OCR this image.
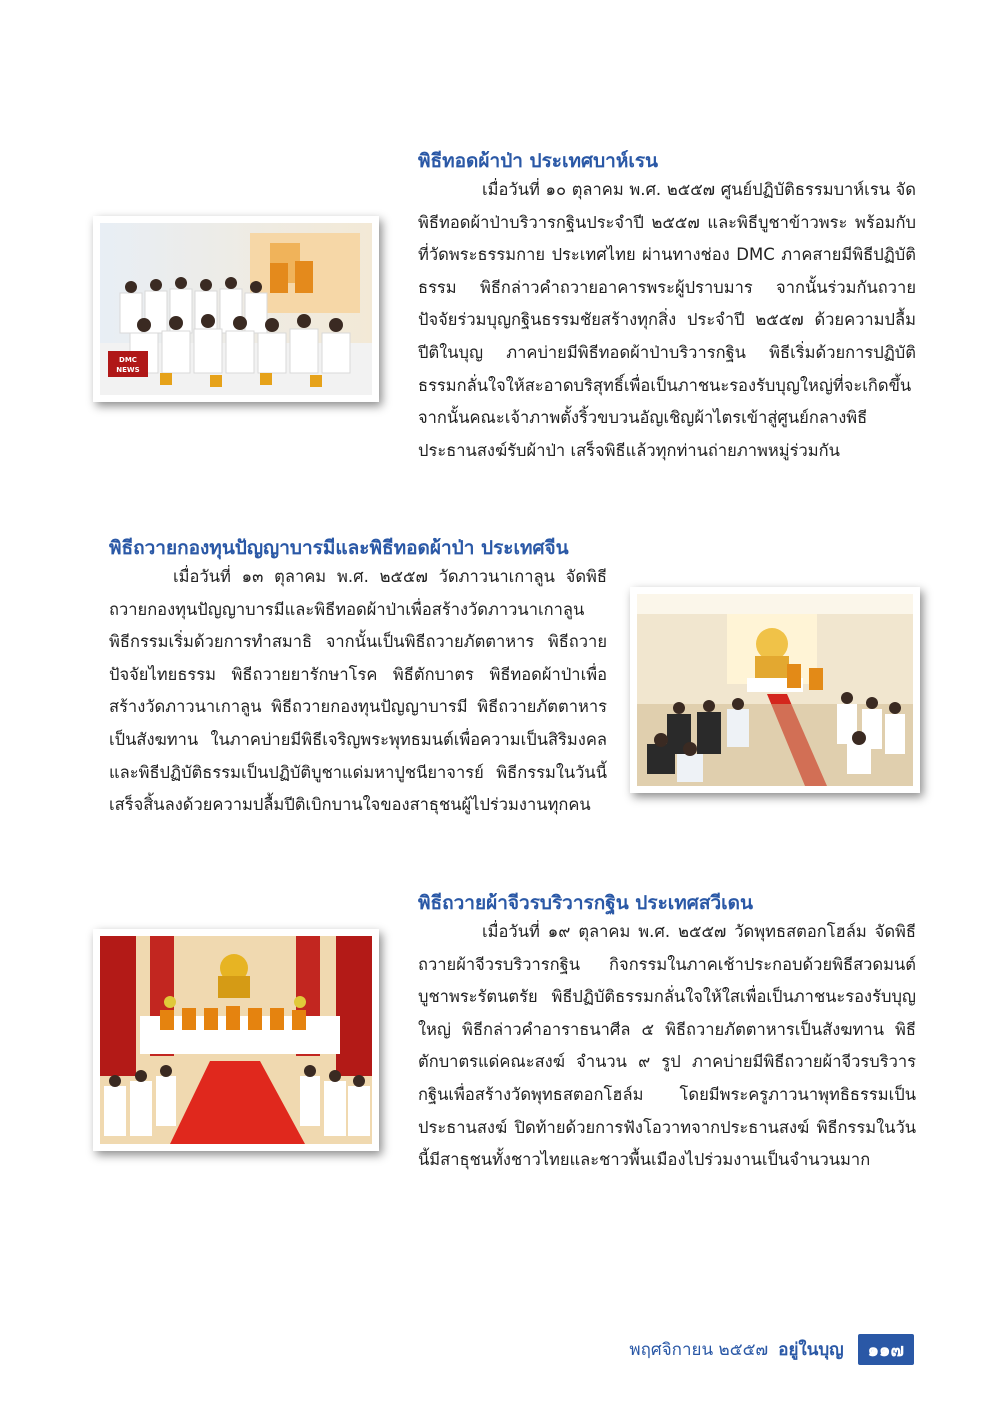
พิธีทอดผ้าป่า ประเทศบาห์เรน
เมื่อวันที่ ๑๐ ตุลาคม พ.ศ. ๒๕๕๗ ศูนย์ปฏิบัติธรรมบาห์เรน จัดพิธีทอดผ้าป่าบริวารกฐินประจำปี ๒๕๕๗ และพิธีบูชาข้าวพระ พร้อมกับที่วัดพระธรรมกาย ประเทศไทย ผ่านทางช่อง DMC ภาคสายมีพิธีปฏิบัติธรรม พิธีกล่าวคำถวายอาคารพระผู้ปราบมาร จากนั้นร่วมกันถวายปัจจัยร่วมบุญกฐินธรรมชัยสร้างทุกสิ่ง ประจำปี ๒๕๕๗ ด้วยความปลื้มปีติในบุญ ภาคบ่ายมีพิธีทอดผ้าป่าบริวารกฐิน พิธีเริ่มด้วยการปฏิบัติธรรมกลั่นใจให้สะอาดบริสุทธิ์เพื่อเป็นภาชนะรองรับบุญใหญ่ที่จะเกิดขึ้น จากนั้นคณะเจ้าภาพตั้งริ้วขบวนอัญเชิญผ้าไตรเข้าสู่ศูนย์กลางพิธี ประธานสงฆ์รับผ้าป่า เสร็จพิธีแล้วทุกท่านถ่ายภาพหมู่ร่วมกัน
DMC
NEWS
พิธีถวายกองทุนปัญญาบารมีและพิธีทอดผ้าป่า ประเทศจีน
เมื่อวันที่ ๑๓ ตุลาคม พ.ศ. ๒๕๕๗ วัดภาวนาเกาลูน จัดพิธีถวายกองทุนปัญญาบารมีและพิธีทอดผ้าป่าเพื่อสร้างวัดภาวนาเกาลูน พิธีกรรมเริ่มด้วยการทำสมาธิ จากนั้นเป็นพิธีถวายภัตตาหาร พิธีถวายปัจจัยไทยธรรม พิธีถวายยารักษาโรค พิธีตักบาตร พิธีทอดผ้าป่าเพื่อสร้างวัดภาวนาเกาลูน พิธีถวายกองทุนปัญญาบารมี พิธีถวายภัตตาหารเป็นสังฆทาน ในภาคบ่ายมีพิธีเจริญพระพุทธมนต์เพื่อความเป็นสิริมงคล และพิธีปฏิบัติธรรมเป็นปฏิบัติบูชาแด่มหาปูชนียาจารย์ พิธีกรรมในวันนี้เสร็จสิ้นลงด้วยความปลื้มปีติเบิกบานใจของสาธุชนผู้ไปร่วมงานทุกคน
พิธีถวายผ้าจีวรบริวารกฐิน ประเทศสวีเดน
เมื่อวันที่ ๑๙ ตุลาคม พ.ศ. ๒๕๕๗ วัดพุทธสตอกโฮล์ม จัดพิธีถวายผ้าจีวรบริวารกฐิน กิจกรรมในภาคเช้าประกอบด้วยพิธีสวดมนต์บูชาพระรัตนตรัย พิธีปฏิบัติธรรมกลั่นใจให้ใสเพื่อเป็นภาชนะรองรับบุญใหญ่ พิธีกล่าวคำอาราธนาศีล ๕ พิธีถวายภัตตาหารเป็นสังฆทาน พิธีตักบาตรแด่คณะสงฆ์ จำนวน ๙ รูป ภาคบ่ายมีพิธีถวายผ้าจีวรบริวารกฐินเพื่อสร้างวัดพุทธสตอกโฮล์ม โดยมีพระครูภาวนาพุทธิธรรมเป็นประธานสงฆ์ ปิดท้ายด้วยการฟังโอวาทจากประธานสงฆ์ พิธีกรรมในวันนี้มีสาธุชนทั้งชาวไทยและชาวพื้นเมืองไปร่วมงานเป็นจำนวนมาก
พฤศจิกายน ๒๕๕๗ อยู่ในบุญ	๑๑๗
